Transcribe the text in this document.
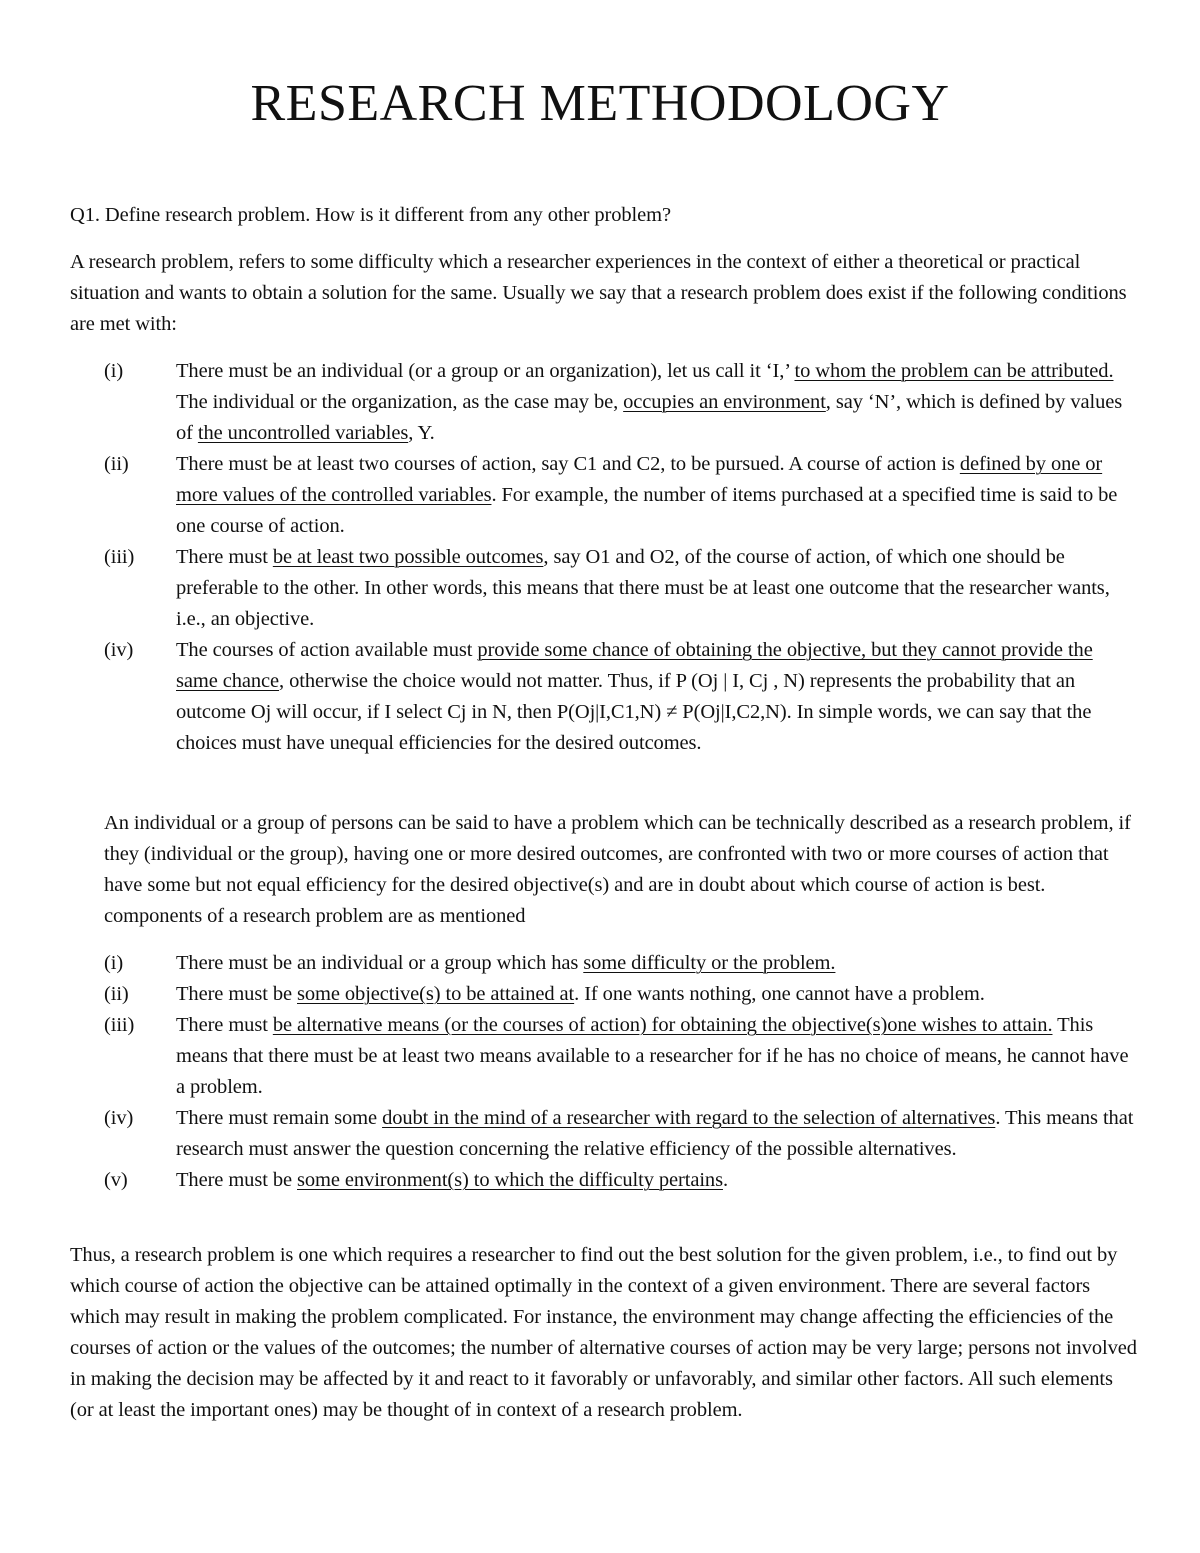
RESEARCH METHODOLOGY

Q1. Define research problem. How is it different from any other problem?

A research problem, refers to some difficulty which a researcher experiences in the context of either a theoretical or practical situation and wants to obtain a solution for the same. Usually we say that a research problem does exist if the following conditions are met with:

(i)	There must be an individual (or a group or an organization), let us call it ‘I,’ to whom the problem can be attributed. The individual or the organization, as the case may be, occupies an environment, say ‘N’, which is defined by values of the uncontrolled variables, Y.
(ii)	There must be at least two courses of action, say C1 and C2, to be pursued. A course of action is defined by one or more values of the controlled variables. For example, the number of items purchased at a specified time is said to be one course of action.
(iii)	There must be at least two possible outcomes, say O1 and O2, of the course of action, of which one should be preferable to the other. In other words, this means that there must be at least one outcome that the researcher wants, i.e., an objective.
(iv)	The courses of action available must provide some chance of obtaining the objective, but they cannot provide the same chance, otherwise the choice would not matter. Thus, if P (Oj | I, Cj , N) represents the probability that an outcome Oj will occur, if I select Cj in N, then P(Oj|I,C1,N) ≠ P(Oj|I,C2,N). In simple words, we can say that the choices must have unequal efficiencies for the desired outcomes.

An individual or a group of persons can be said to have a problem which can be technically described as a research problem, if they (individual or the group), having one or more desired outcomes, are confronted with two or more courses of action that have some but not equal efficiency for the desired objective(s) and are in doubt about which course of action is best. components of a research problem are as mentioned

(i)	There must be an individual or a group which has some difficulty or the problem.
(ii)	There must be some objective(s) to be attained at. If one wants nothing, one cannot have a problem.
(iii)	There must be alternative means (or the courses of action) for obtaining the objective(s)one wishes to attain. This means that there must be at least two means available to a researcher for if he has no choice of means, he cannot have a problem.
(iv)	There must remain some doubt in the mind of a researcher with regard to the selection of alternatives. This means that research must answer the question concerning the relative efficiency of the possible alternatives.
(v)	There must be some environment(s) to which the difficulty pertains.

Thus, a research problem is one which requires a researcher to find out the best solution for the given problem, i.e., to find out by which course of action the objective can be attained optimally in the context of a given environment. There are several factors which may result in making the problem complicated. For instance, the environment may change affecting the efficiencies of the courses of action or the values of the outcomes; the number of alternative courses of action may be very large; persons not involved in making the decision may be affected by it and react to it favorably or unfavorably, and similar other factors. All such elements (or at least the important ones) may be thought of in context of a research problem.
